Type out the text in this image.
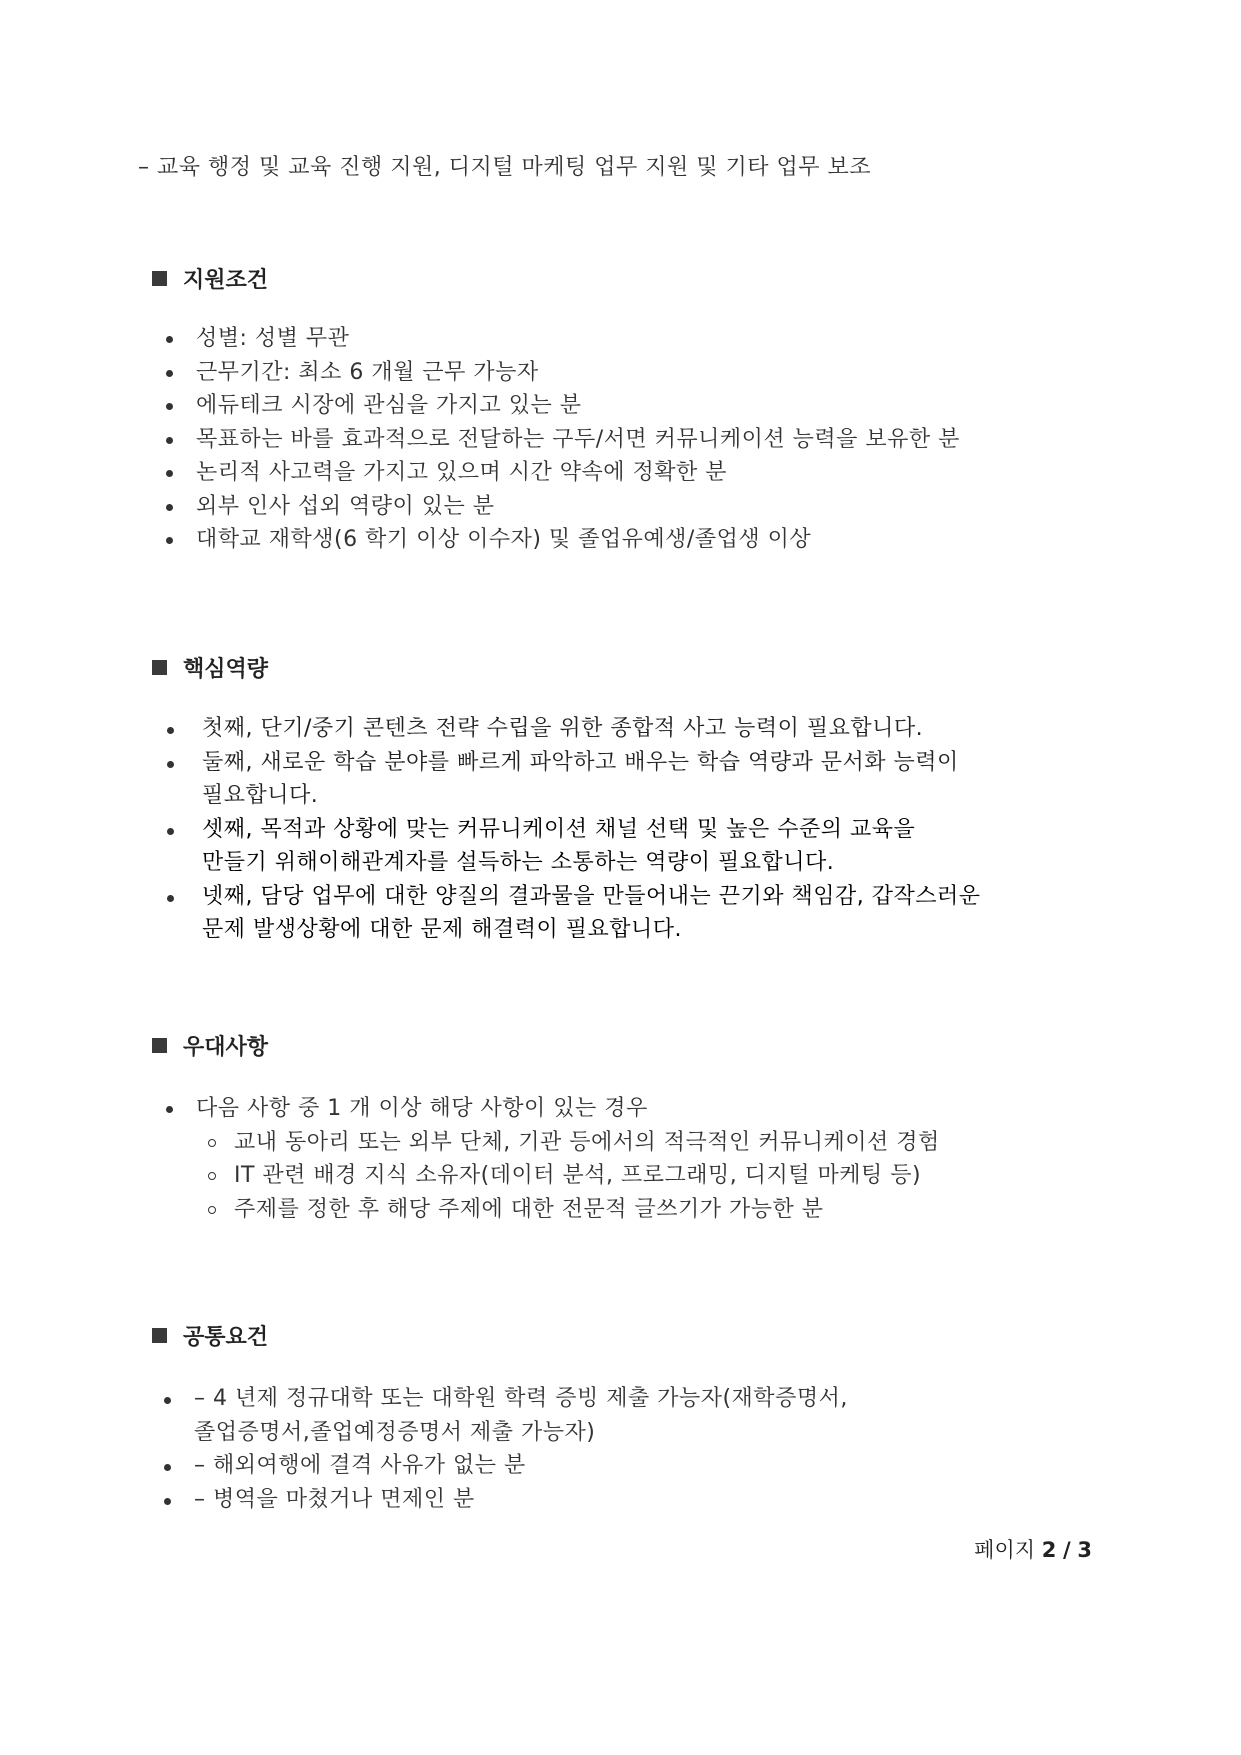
– 교육 행정 및 교육 진행 지원, 디지털 마케팅 업무 지원 및 기타 업무 보조
지원조건
성별: 성별 무관
근무기간: 최소 6 개월 근무 가능자
에듀테크 시장에 관심을 가지고 있는 분
목표하는 바를 효과적으로 전달하는 구두/서면 커뮤니케이션 능력을 보유한 분
논리적 사고력을 가지고 있으며 시간 약속에 정확한 분
외부 인사 섭외 역량이 있는 분
대학교 재학생(6 학기 이상 이수자) 및 졸업유예생/졸업생 이상
핵심역량
첫째, 단기/중기 콘텐츠 전략 수립을 위한 종합적 사고 능력이 필요합니다.
둘째, 새로운 학습 분야를 빠르게 파악하고 배우는 학습 역량과 문서화 능력이
필요합니다.
셋째, 목적과 상황에 맞는 커뮤니케이션 채널 선택 및 높은 수준의 교육을
만들기 위해이해관계자를 설득하는 소통하는 역량이 필요합니다.
넷째, 담당 업무에 대한 양질의 결과물을 만들어내는 끈기와 책임감, 갑작스러운
문제 발생상황에 대한 문제 해결력이 필요합니다.
우대사항
다음 사항 중 1 개 이상 해당 사항이 있는 경우
교내 동아리 또는 외부 단체, 기관 등에서의 적극적인 커뮤니케이션 경험
IT 관련 배경 지식 소유자(데이터 분석, 프로그래밍, 디지털 마케팅 등)
주제를 정한 후 해당 주제에 대한 전문적 글쓰기가 가능한 분
공통요건
– 4 년제 정규대학 또는 대학원 학력 증빙 제출 가능자(재학증명서,
졸업증명서,졸업예정증명서 제출 가능자)
– 해외여행에 결격 사유가 없는 분
– 병역을 마쳤거나 면제인 분
페이지 2 / 3
